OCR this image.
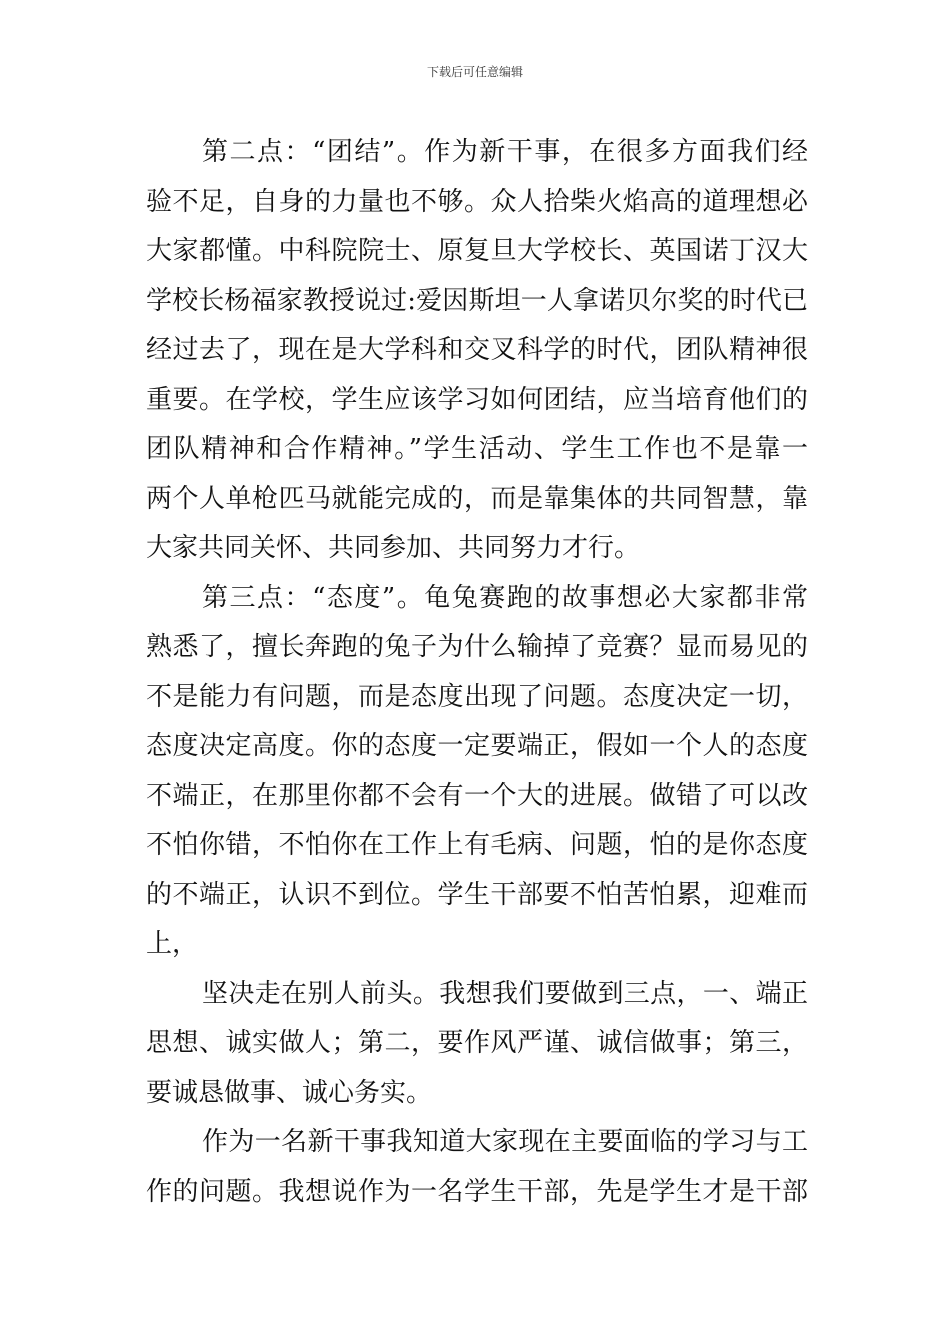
下载后可任意编辑
第二点：“团结”。作为新干事，在很多方面我们经
验不足，自身的力量也不够。众人拾柴火焰高的道理想必
大家都懂。中科院院士、原复旦大学校长、英国诺丁汉大
学校长杨福家教授说过:爱因斯坦一人拿诺贝尔奖的时代已
经过去了，现在是大学科和交叉科学的时代，团队精神很
重要。在学校，学生应该学习如何团结，应当培育他们的
团队精神和合作精神。”学生活动、学生工作也不是靠一
两个人单枪匹马就能完成的，而是靠集体的共同智慧，靠
大家共同关怀、共同参加、共同努力才行。
第三点：“态度”。龟兔赛跑的故事想必大家都非常
熟悉了，擅长奔跑的兔子为什么输掉了竞赛？显而易见的
不是能力有问题，而是态度出现了问题。态度决定一切，
态度决定高度。你的态度一定要端正，假如一个人的态度
不端正，在那里你都不会有一个大的进展。做错了可以改
不怕你错，不怕你在工作上有毛病、问题，怕的是你态度
的不端正，认识不到位。学生干部要不怕苦怕累，迎难而
上，
坚决走在别人前头。我想我们要做到三点，一、端正
思想、诚实做人；第二，要作风严谨、诚信做事；第三，
要诚恳做事、诚心务实。
作为一名新干事我知道大家现在主要面临的学习与工
作的问题。我想说作为一名学生干部，先是学生才是干部
